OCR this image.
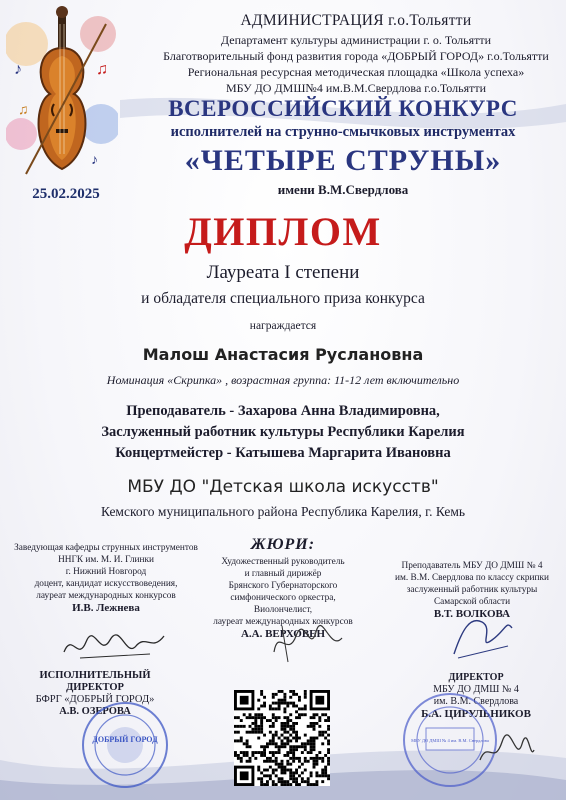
♪	♫
♪
♫
25.02.2025
АДМИНИСТРАЦИЯ г.о.Тольятти
Департамент культуры администрации г. о. Тольятти
Благотворительный фонд развития города «ДОБРЫЙ ГОРОД» г.о.Тольятти
Региональная ресурсная методическая площадка «Школа успеха»
МБУ ДО ДМШ№4 им.В.М.Свердлова г.о.Тольятти
ВСЕРОССИЙСКИЙ КОНКУРС
исполнителей на струнно-смычковых инструментах
«ЧЕТЫРЕ СТРУНЫ»
имени В.М.Свердлова
ДИПЛОМ
Лауреата I степени
и обладателя специального приза конкурса
награждается
Малош Анастасия Руслановна
Номинация «Скрипка» , возрастная группа: 11-12 лет включительно
Преподаватель - Захарова Анна Владимировна,
Заслуженный работник культуры Республики Карелия
Концертмейстер - Катышева Маргарита Ивановна
МБУ ДО "Детская школа искусств"
Кемского муниципального района Республика Карелия, г. Кемь
Заведующая кафедры струнных инструментов
ННГК им. М. И. Глинки
г. Нижний Новгород
доцент, кандидат искусствоведения,
лауреат международных конкурсов
И.В. Лежнева
ЖЮРИ:
Художественный руководитель
и главный дирижёр
Брянского Губернаторского
симфонического оркестра,
Виолончелист,
лауреат международных конкурсов
А.А. ВЕРХОВЕН
Преподаватель МБУ ДО ДМШ № 4
им. В.М. Свердлова по классу скрипки
заслуженный работник культуры
Самарской области
В.Т. ВОЛКОВА
ИСПОЛНИТЕЛЬНЫЙ
ДИРЕКТОР
БФРГ «ДОБРЫЙ ГОРОД»
А.В. ОЗЕРОВА
ДИРЕКТОР
МБУ ДО ДМШ № 4
им. В.М. Свердлова
Б.А. ЦИРУЛЬНИКОВ
ДОБРЫЙ ГОРОД	МБУ ДО ДМШ № 4 им. В.М. Свердлова
